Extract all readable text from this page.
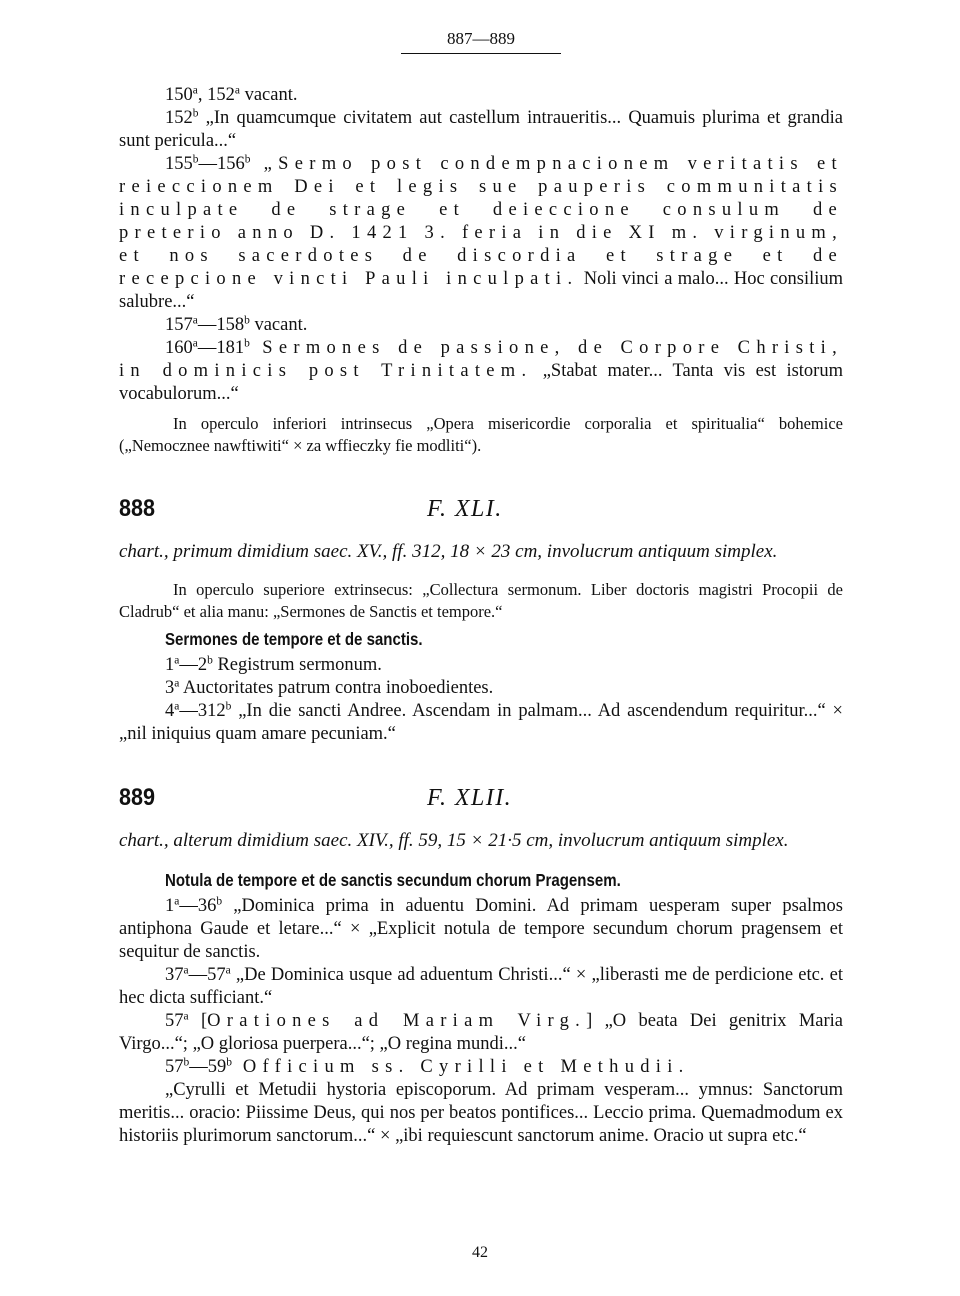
887—889

150$^a$, 152$^a$ vacant.

152$^b$ „In quamcumque civitatem aut castellum intraueritis... Quamuis plurima et grandia sunt pericula...“

155$^b$—156$^b$ „Sermo post condempnacionem veritatis et reieccionem Dei et legis sue pauperis communitatis inculpate de strage et deieccione consulum de preterio anno D. 1421 3. feria in die XI m. virginum, et nos sacerdotes de discordia et strage et de recepcione vincti Pauli inculpati. Noli vinci a malo... Hoc consilium salubre...“

157$^a$—158$^b$ vacant.

160$^a$—181$^b$ Sermones de passione, de Corpore Christi, in dominicis post Trinitatem. „Stabat mater... Tanta vis est istorum vocabulorum...“

In operculo inferiori intrinsecus „Opera misericordie corporalia et spiritualia“ bohemice („Nemocznee nawftiwiti“ × za wffieczky fie modliti“).

888	F. XLI.

chart., primum dimidium saec. XV., ff. 312, 18 × 23 cm, involucrum antiquum simplex.

In operculo superiore extrinsecus: „Collectura sermonum. Liber doctoris magistri Procopii de Cladrub“ et alia manu: „Sermones de Sanctis et tempore.“

Sermones de tempore et de sanctis.

1$^a$—2$^b$ Registrum sermonum.

3$^a$ Auctoritates patrum contra inoboedientes.

4$^a$—312$^b$ „In die sancti Andree. Ascendam in palmam... Ad ascendendum requiritur...“ × „nil iniquius quam amare pecuniam.“

889	F. XLII.

chart., alterum dimidium saec. XIV., ff. 59, 15 × 21·5 cm, involucrum antiquum simplex.

Notula de tempore et de sanctis secundum chorum Pragensem.

1$^a$—36$^b$ „Dominica prima in aduentu Domini. Ad primam uesperam super psalmos antiphona Gaude et letare...“ × „Explicit notula de tempore secundum chorum pragensem et sequitur de sanctis.

37$^a$—57$^a$ „De Dominica usque ad aduentum Christi...“ × „liberasti me de perdicione etc. et hec dicta sufficiant.“

57$^a$ [Orationes ad Mariam Virg.] „O beata Dei genitrix Maria Virgo...“; „O gloriosa puerpera...“; „O regina mundi...“

57$^b$—59$^b$ Officium ss. Cyrilli et Methudii.

„Cyrulli et Metudii hystoria episcoporum. Ad primam vesperam... ymnus: Sanctorum meritis... oracio: Piissime Deus, qui nos per beatos pontifices... Leccio prima. Quemadmodum ex historiis plurimorum sanctorum...“ × „ibi requiescunt sanctorum anime. Oracio ut supra etc.“

42
